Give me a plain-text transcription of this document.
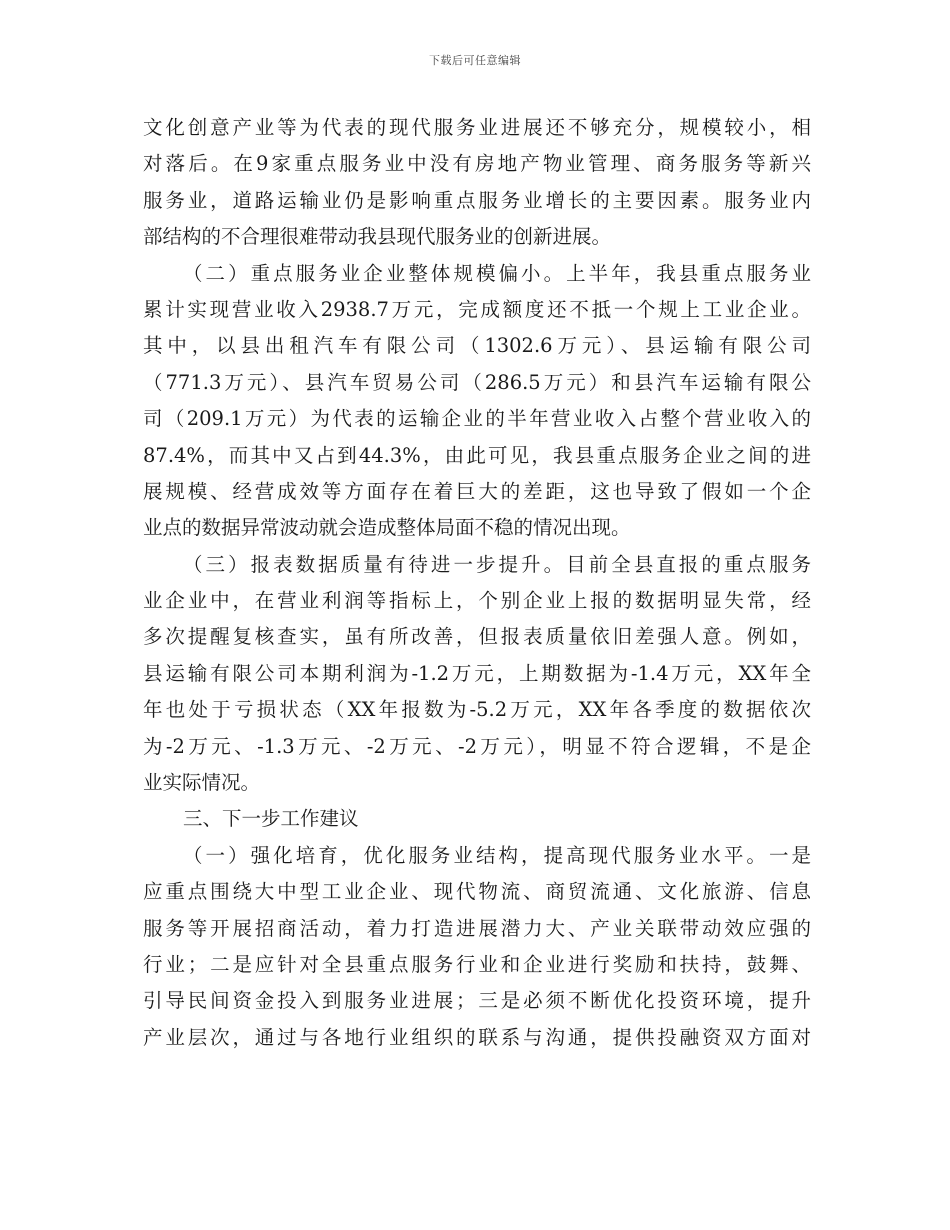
下载后可任意编辑
文化创意产业等为代表的现代服务业进展还不够充分，规模较小，相
对落后。在9家重点服务业中没有房地产物业管理、商务服务等新兴
服务业，道路运输业仍是影响重点服务业增长的主要因素。服务业内
部结构的不合理很难带动我县现代服务业的创新进展。
（二）重点服务业企业整体规模偏小。上半年，我县重点服务业
累计实现营业收入2938.7万元，完成额度还不抵一个规上工业企业。
其中，以县出租汽车有限公司（1302.6万元）、县运输有限公司
（771.3万元）、县汽车贸易公司（286.5万元）和县汽车运输有限公
司（209.1万元）为代表的运输企业的半年营业收入占整个营业收入的
87.4%，而其中又占到44.3%，由此可见，我县重点服务企业之间的进
展规模、经营成效等方面存在着巨大的差距，这也导致了假如一个企
业点的数据异常波动就会造成整体局面不稳的情况出现。
（三）报表数据质量有待进一步提升。目前全县直报的重点服务
业企业中，在营业利润等指标上，个别企业上报的数据明显失常，经
多次提醒复核查实，虽有所改善，但报表质量依旧差强人意。例如，
县运输有限公司本期利润为-1.2万元，上期数据为-1.4万元，XX年全
年也处于亏损状态（XX年报数为-5.2万元，XX年各季度的数据依次
为-2万元、-1.3万元、-2万元、-2万元），明显不符合逻辑，不是企
业实际情况。
三、下一步工作建议
（一）强化培育，优化服务业结构，提高现代服务业水平。一是
应重点围绕大中型工业企业、现代物流、商贸流通、文化旅游、信息
服务等开展招商活动，着力打造进展潜力大、产业关联带动效应强的
行业；二是应针对全县重点服务行业和企业进行奖励和扶持，鼓舞、
引导民间资金投入到服务业进展；三是必须不断优化投资环境，提升
产业层次，通过与各地行业组织的联系与沟通，提供投融资双方面对
